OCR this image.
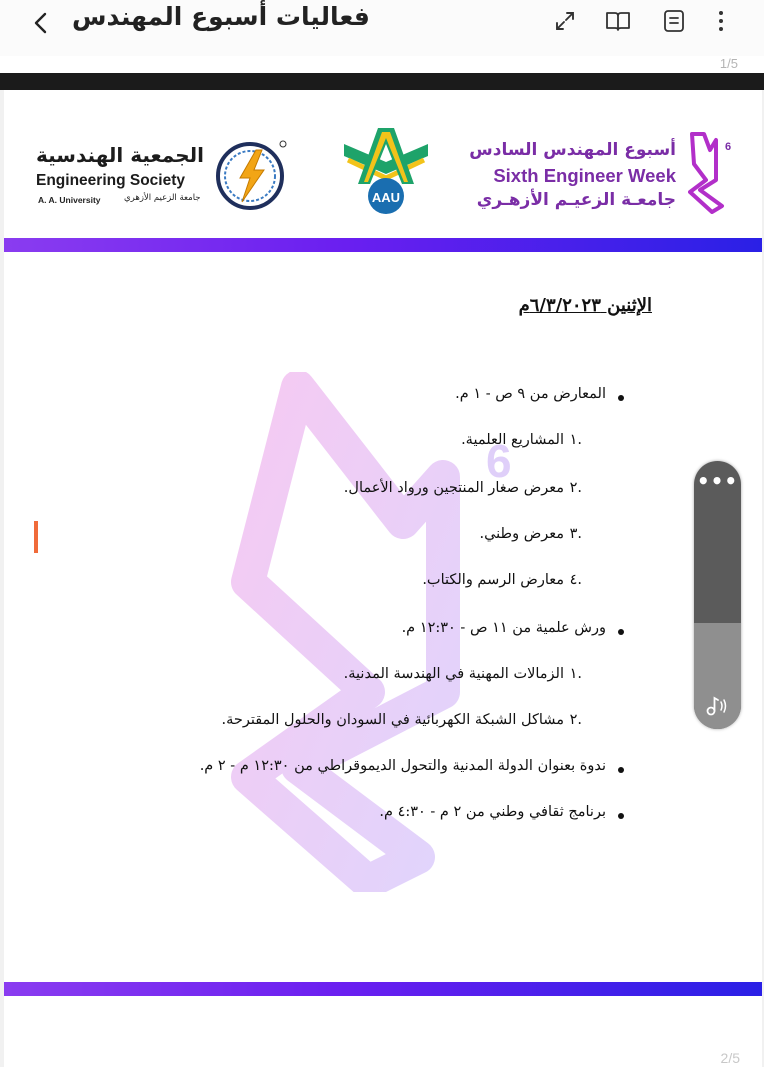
فعاليات أسبوع المهندس
1/5
الجمعية الهندسية
Engineering Society
A. A. University	جامعة الزعيم الأزهري	AAU
أسبوع المهندس السادس
Sixth Engineer Week
جامعـة الزعيـم الأزهـري
6
6
الإثنين ٦/٣/٢٠٢٣م
المعارض من ٩ ص - ١ م.
١.
المشاريع العلمية.
٢.
معرض صغار المنتجين ورواد الأعمال.
٣.
معرض وطني.
٤.
معارض الرسم والكتاب.
ورش علمية من ١١ ص - ١٢:٣٠ م.
١.
الزمالات المهنية في الهندسة المدنية.
٢.
مشاكل الشبكة الكهربائية في السودان والحلول المقترحة.
ندوة بعنوان الدولة المدنية والتحول الديموقراطي من ١٢:٣٠ م - ٢ م.
برنامج ثقافي وطني من ٢ م - ٤:٣٠ م.
2/5
•••
